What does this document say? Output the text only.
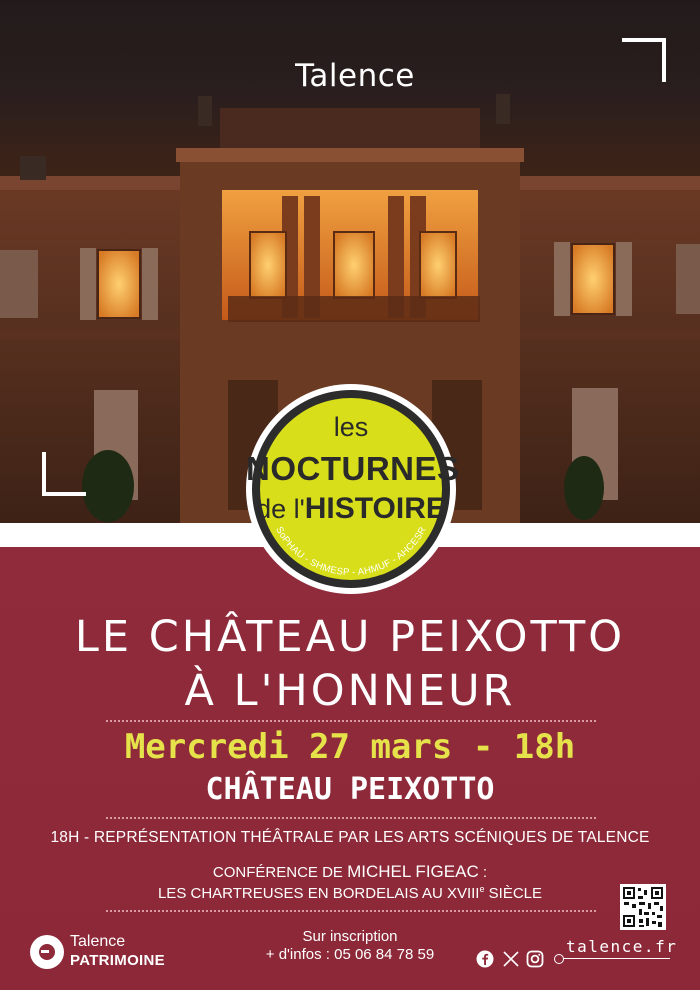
Talence
les
NOCTURNES
de l'HISTOIRE
SoPHAU - SHMESP - AHMUF - AHCESR
LE CHÂTEAU PEIXOTTO
À L'HONNEUR
Mercredi 27 mars - 18h
CHÂTEAU PEIXOTTO
18H - REPRÉSENTATION THÉÂTRALE PAR LES ARTS SCÉNIQUES DE TALENCE
CONFÉRENCE DE MICHEL FIGEAC :
LES CHARTREUSES EN BORDELAIS AU XVIIIe SIÈCLE
Talence
PATRIMOINE
Sur inscription
+ d'infos : 05 06 84 78 59	talence.fr
